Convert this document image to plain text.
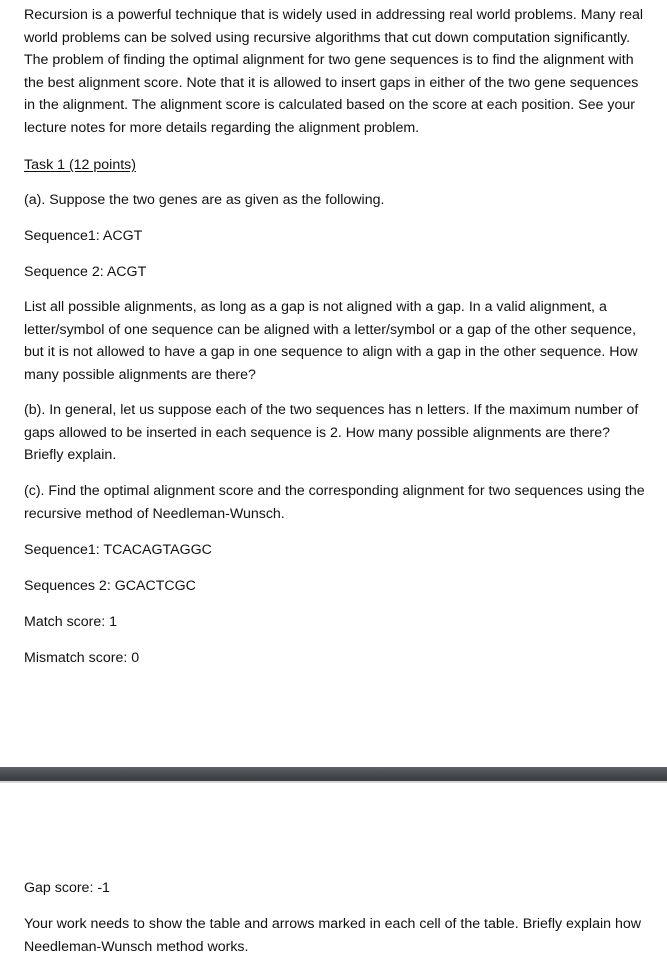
Recursion is a powerful technique that is widely used in addressing real world problems. Many real world problems can be solved using recursive algorithms that cut down computation significantly. The problem of finding the optimal alignment for two gene sequences is to find the alignment with the best alignment score. Note that it is allowed to insert gaps in either of the two gene sequences in the alignment. The alignment score is calculated based on the score at each position. See your lecture notes for more details regarding the alignment problem.

Task 1 (12 points)
(a). Suppose the two genes are as given as the following.
Sequence1: ACGT
Sequence 2: ACGT
List all possible alignments, as long as a gap is not aligned with a gap. In a valid alignment, a letter/symbol of one sequence can be aligned with a letter/symbol or a gap of the other sequence, but it is not allowed to have a gap in one sequence to align with a gap in the other sequence. How many possible alignments are there?
(b). In general, let us suppose each of the two sequences has n letters. If the maximum number of gaps allowed to be inserted in each sequence is 2. How many possible alignments are there? Briefly explain.
(c). Find the optimal alignment score and the corresponding alignment for two sequences using the recursive method of Needleman-Wunsch.
Sequence1: TCACAGTAGGC
Sequences 2: GCACTCGC
Match score: 1
Mismatch score: 0
Gap score: -1
Your work needs to show the table and arrows marked in each cell of the table. Briefly explain how Needleman-Wunsch method works.
